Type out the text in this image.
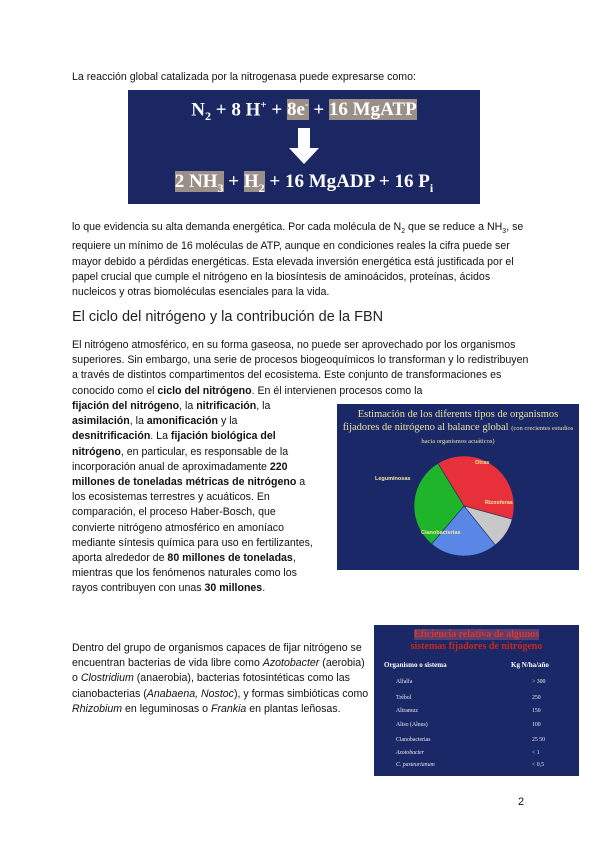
La reacción global catalizada por la nitrogenasa puede expresarse como:

$N_2 + 8$ H+ + 8e- + 16 MgATP
2 $NH_3 + H_2 + 16$ MgADP + 16 $P_i$

lo que evidencia su alta demanda energética. Por cada molécula de $N_2$ que se reduce a $NH_3$, se requiere un mínimo de 16 moléculas de ATP, aunque en condiciones reales la cifra puede ser mayor debido a pérdidas energéticas. Esta elevada inversión energética está justificada por el papel crucial que cumple el nitrógeno en la biosíntesis de aminoácidos, proteínas, ácidos nucleicos y otras biomoléculas esenciales para la vida.

El ciclo del nitrógeno y la contribución de la FBN

El nitrógeno atmosférico, en su forma gaseosa, no puede ser aprovechado por los organismos superiores. Sin embargo, una serie de procesos biogeoquímicos lo transforman y lo redistribuyen a través de distintos compartimentos del ecosistema. Este conjunto de transformaciones es conocido como el ciclo del nitrógeno. En él intervienen procesos como la

fijación del nitrógeno, la nitrificación, la asimilación, la amonificación y la desnitrificación. La fijación biológica del nitrógeno, en particular, es responsable de la incorporación anual de aproximadamente 220 millones de toneladas métricas de nitrógeno a los ecosistemas terrestres y acuáticos. En comparación, el proceso Haber-Bosch, que convierte nitrógeno atmosférico en amoníaco mediante síntesis química para uso en fertilizantes, aporta alrededor de 80 millones de toneladas, mientras que los fenómenos naturales como los rayos contribuyen con unas 30 millones.

Estimación de los diferents tipos de organismos fijadores de nitrógeno al balance global (con crecientes estudios hacia organismos acuáticos)
Leguminosas
Otras
Rizosferas
Cianobacterias

Dentro del grupo de organismos capaces de fijar nitrógeno se encuentran bacterias de vida libre como Azotobacter (aerobia) o Clostridium (anaerobia), bacterias fotosintéticas como las cianobacterias (Anabaena, Nostoc), y formas simbióticas como Rhizobium en leguminosas o Frankia en plantas leñosas.

Eficiencia relativa de algunos
sistemas fijadores de nitrógeno
Organismo o sistema	Kg N/ha/año
Alfalfa	> 300
Trébol	250
Altramuz	150
Aliso (Alnus)	100
Cianobacterias	25 50
Azotobacter	< 1
C. pasteurianum	< 0,5
2
